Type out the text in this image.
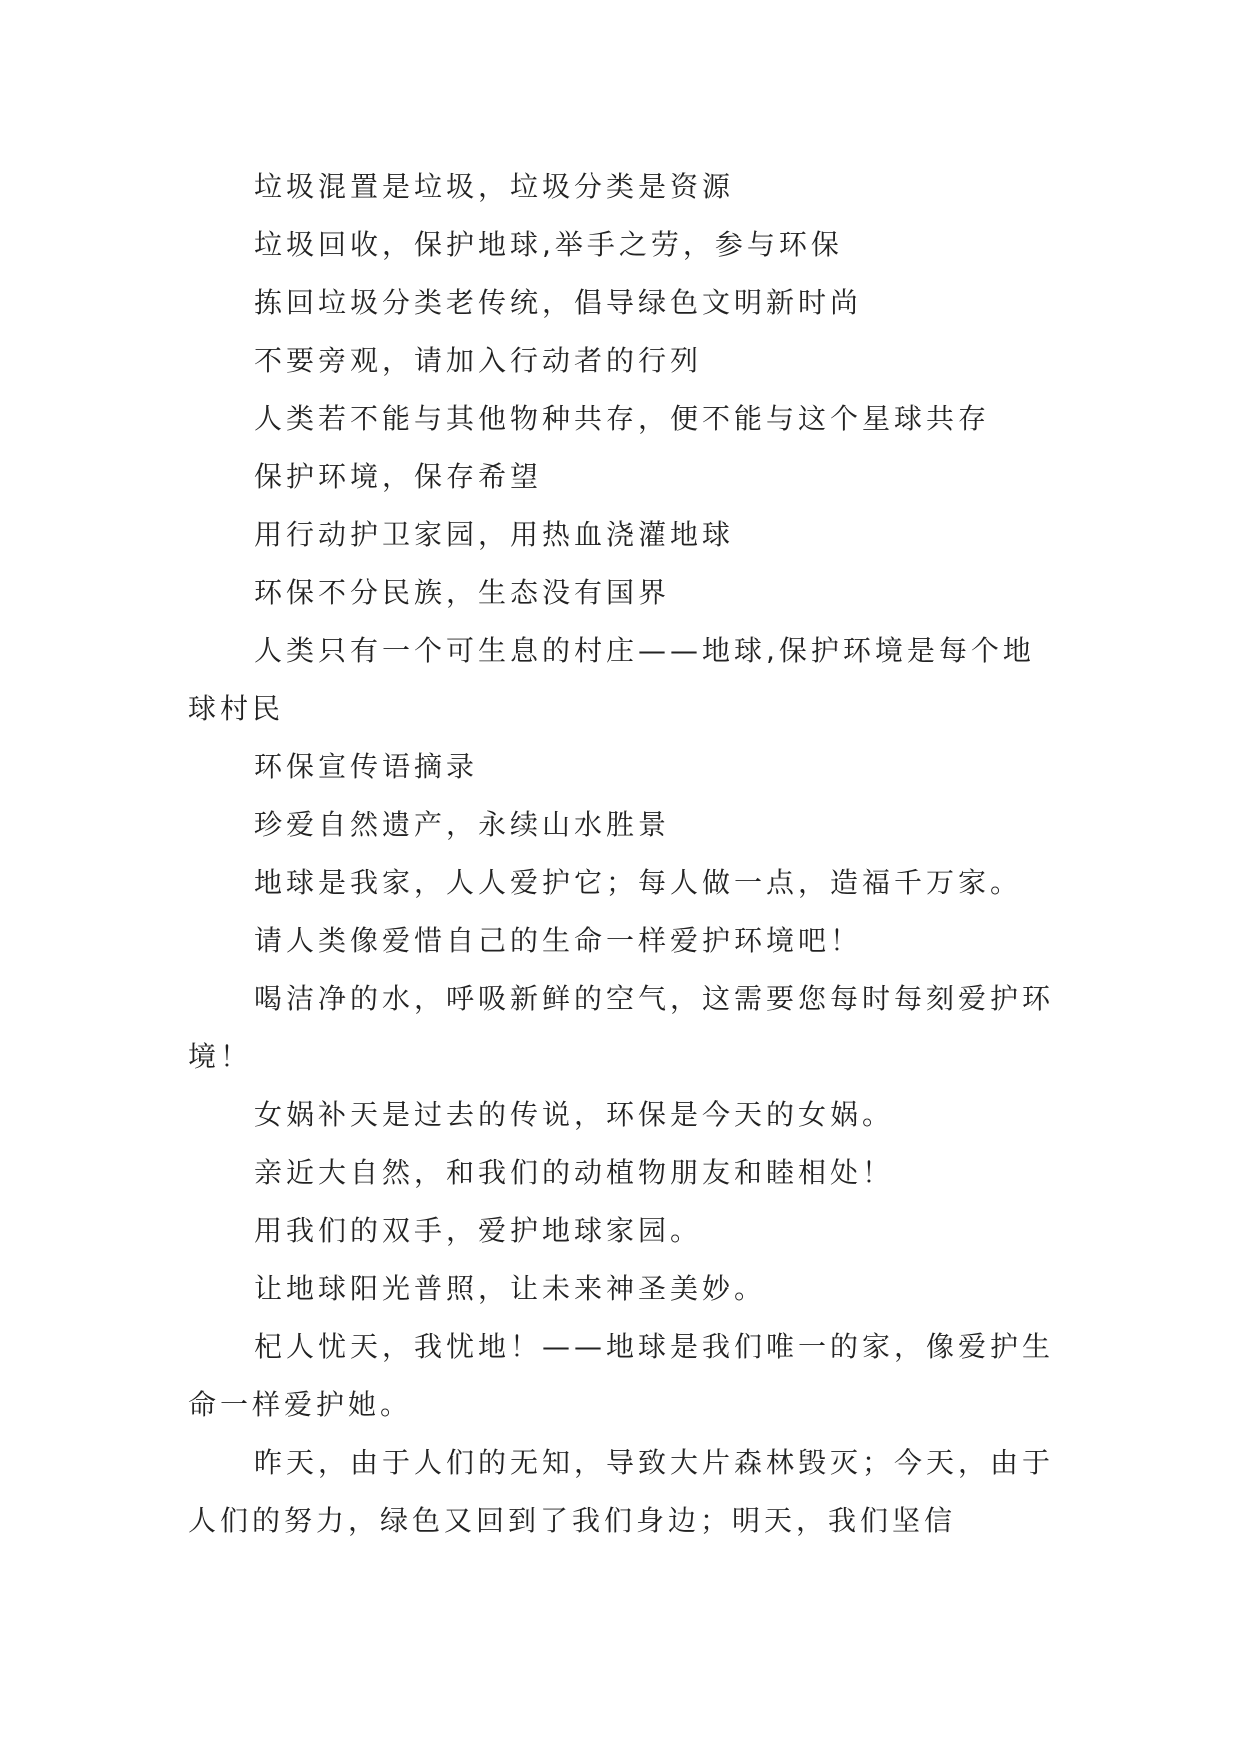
垃圾混置是垃圾，垃圾分类是资源

垃圾回收，保护地球,举手之劳，参与环保

拣回垃圾分类老传统，倡导绿色文明新时尚

不要旁观，请加入行动者的行列

人类若不能与其他物种共存，便不能与这个星球共存

保护环境，保存希望

用行动护卫家园，用热血浇灌地球

环保不分民族，生态没有国界

人类只有一个可生息的村庄——地球,保护环境是每个地球村民

环保宣传语摘录

珍爱自然遗产，永续山水胜景

地球是我家，人人爱护它；每人做一点，造福千万家。

请人类像爱惜自己的生命一样爱护环境吧！

喝洁净的水，呼吸新鲜的空气，这需要您每时每刻爱护环境！

女娲补天是过去的传说，环保是今天的女娲。

亲近大自然，和我们的动植物朋友和睦相处！

用我们的双手，爱护地球家园。

让地球阳光普照，让未来神圣美妙。

杞人忧天，我忧地！——地球是我们唯一的家，像爱护生命一样爱护她。

昨天，由于人们的无知，导致大片森林毁灭；今天，由于人们的努力，绿色又回到了我们身边；明天，我们坚信
